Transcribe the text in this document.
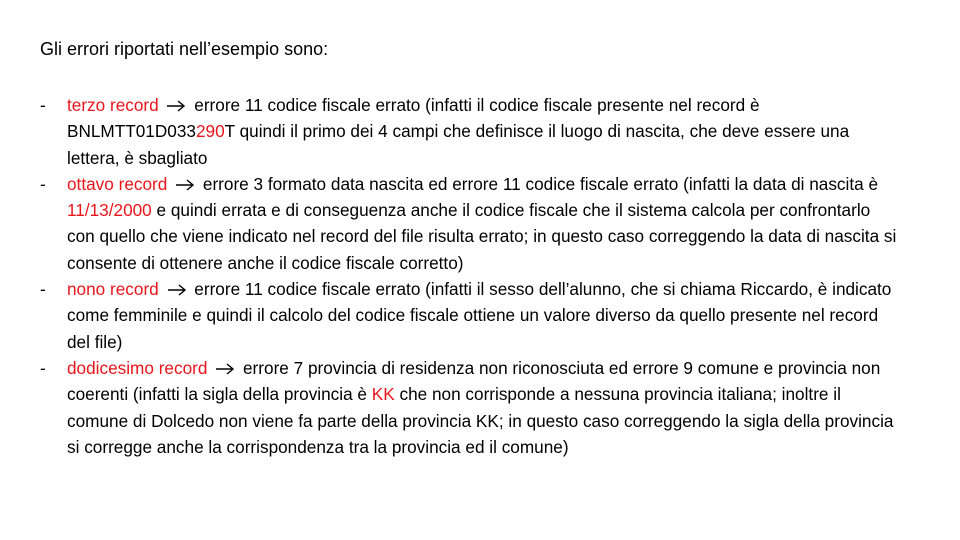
Gli errori riportati nell’esempio sono:
- terzo record errore 11 codice fiscale errato (infatti il codice fiscale presente nel record è BNLMTT01D033290T quindi il primo dei 4 campi che definisce il luogo di nascita, che deve essere una lettera, è sbagliato
- ottavo record errore 3 formato data nascita ed errore 11 codice fiscale errato (infatti la data di nascita è 11/13/2000 e quindi errata e di conseguenza anche il codice fiscale che il sistema calcola per confrontarlo con quello che viene indicato nel record del file risulta errato; in questo caso correggendo la data di nascita si consente di ottenere anche il codice fiscale corretto)
- nono record errore 11 codice fiscale errato (infatti il sesso dell’alunno, che si chiama Riccardo, è indicato come femminile e quindi il calcolo del codice fiscale ottiene un valore diverso da quello presente nel record del file)
- dodicesimo record errore 7 provincia di residenza non riconosciuta ed errore 9 comune e provincia non coerenti (infatti la sigla della provincia è KK che non corrisponde a nessuna provincia italiana; inoltre il comune di Dolcedo non viene fa parte della provincia KK; in questo caso correggendo la sigla della provincia si corregge anche la corrispondenza tra la provincia ed il comune)
